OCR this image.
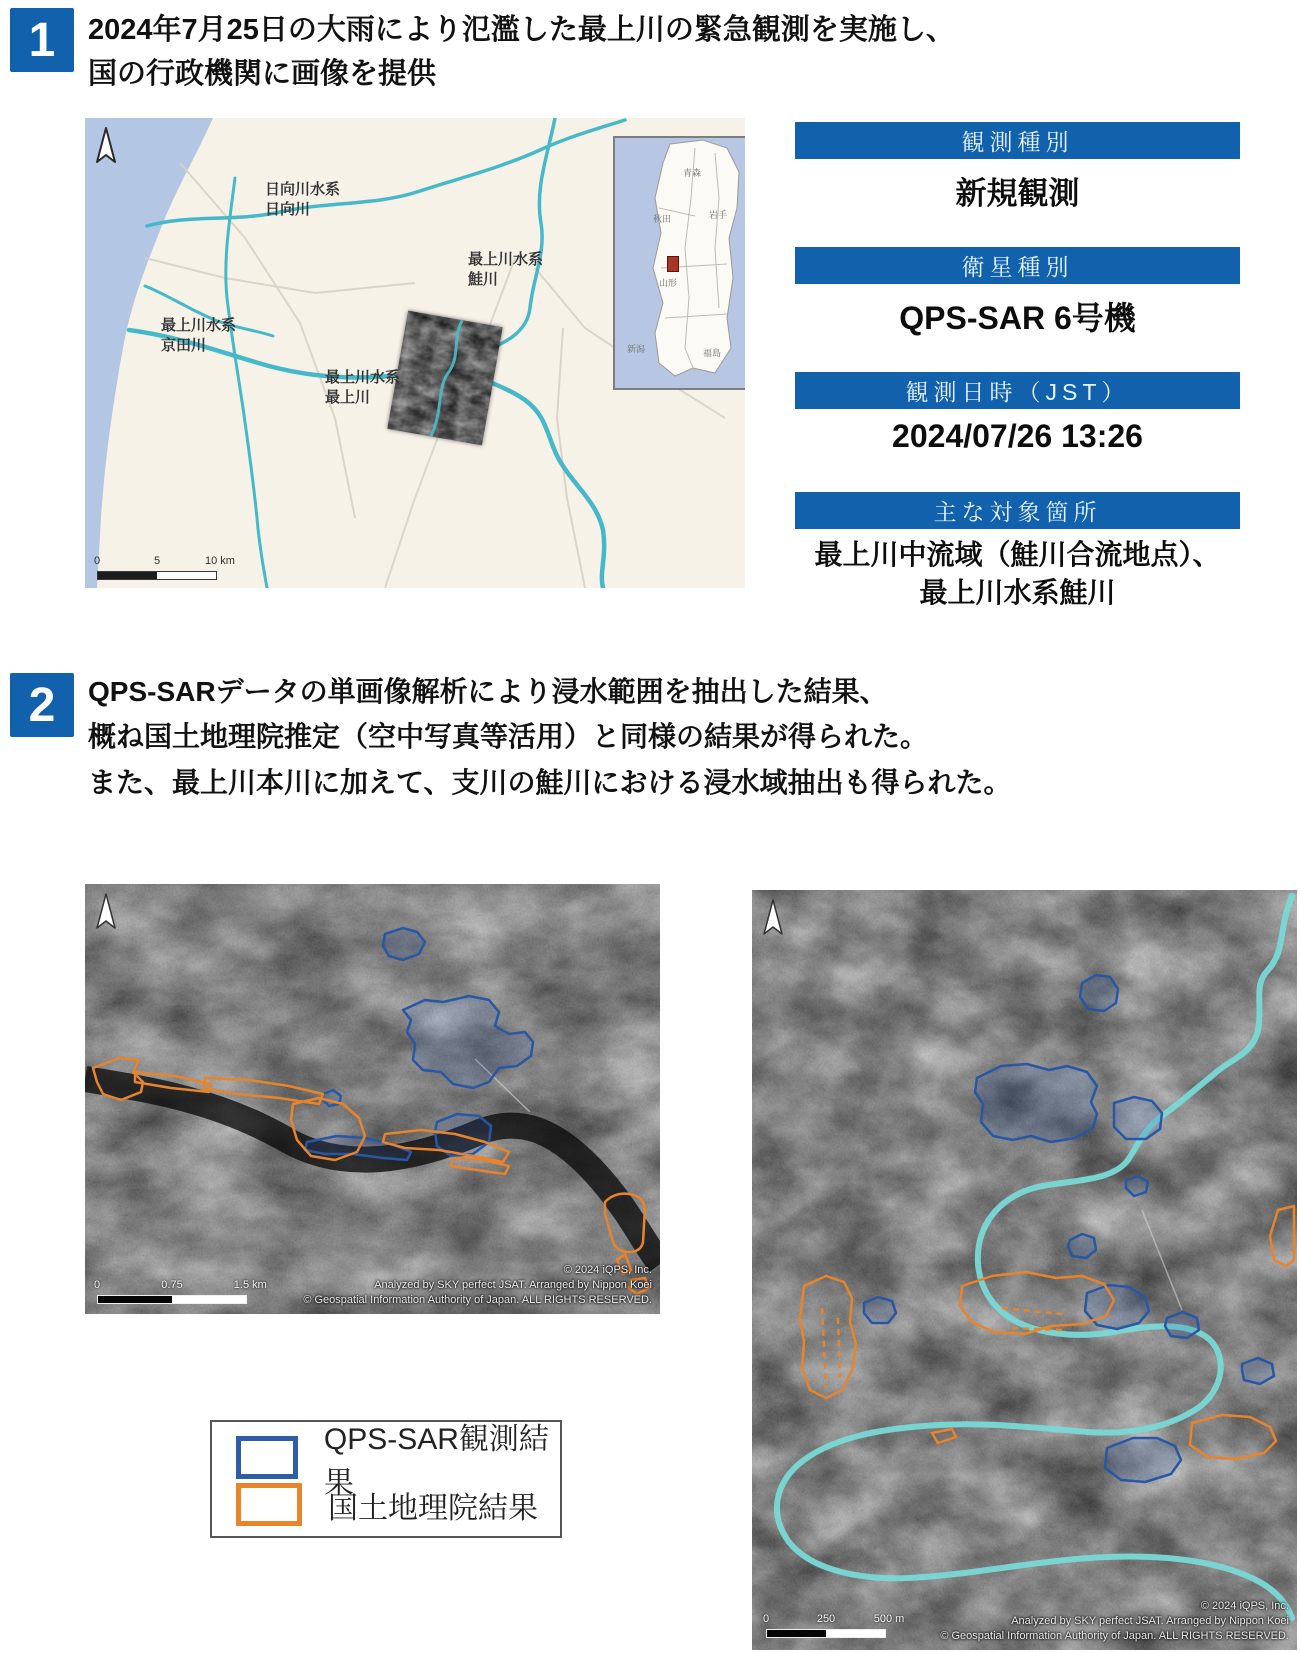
1	2024年7月25日の大雨により氾濫した最上川の緊急観測を実施し、
国の行政機関に画像を提供
日向川水系
日向川
最上川水系
鮭川
最上川水系
京田川
最上川水系
最上川
0	5	10 km
青森
秋田	岩手
山形
新潟	福島
観測種別
新規観測
衛星種別
QPS-SAR 6号機
観測日時（JST）
2024/07/26 13:26
主な対象箇所
最上川中流域（鮭川合流地点）、
最上川水系鮭川
2	QPS-SARデータの単画像解析により浸水範囲を抽出した結果、
概ね国土地理院推定（空中写真等活用）と同様の結果が得られた。
また、最上川本川に加えて、支川の鮭川における浸水域抽出も得られた。
0	0.75	1.5 km
© 2024 iQPS, Inc.
Analyzed by SKY perfect JSAT. Arranged by Nippon Koei
© Geospatial Information Authority of Japan. ALL RIGHTS RESERVED.
QPS-SAR観測結果
国土地理院結果
0	250	500 m
© 2024 iQPS, Inc.
Analyzed by SKY perfect JSAT. Arranged by Nippon Koei
© Geospatial Information Authority of Japan. ALL RIGHTS RESERVED.
